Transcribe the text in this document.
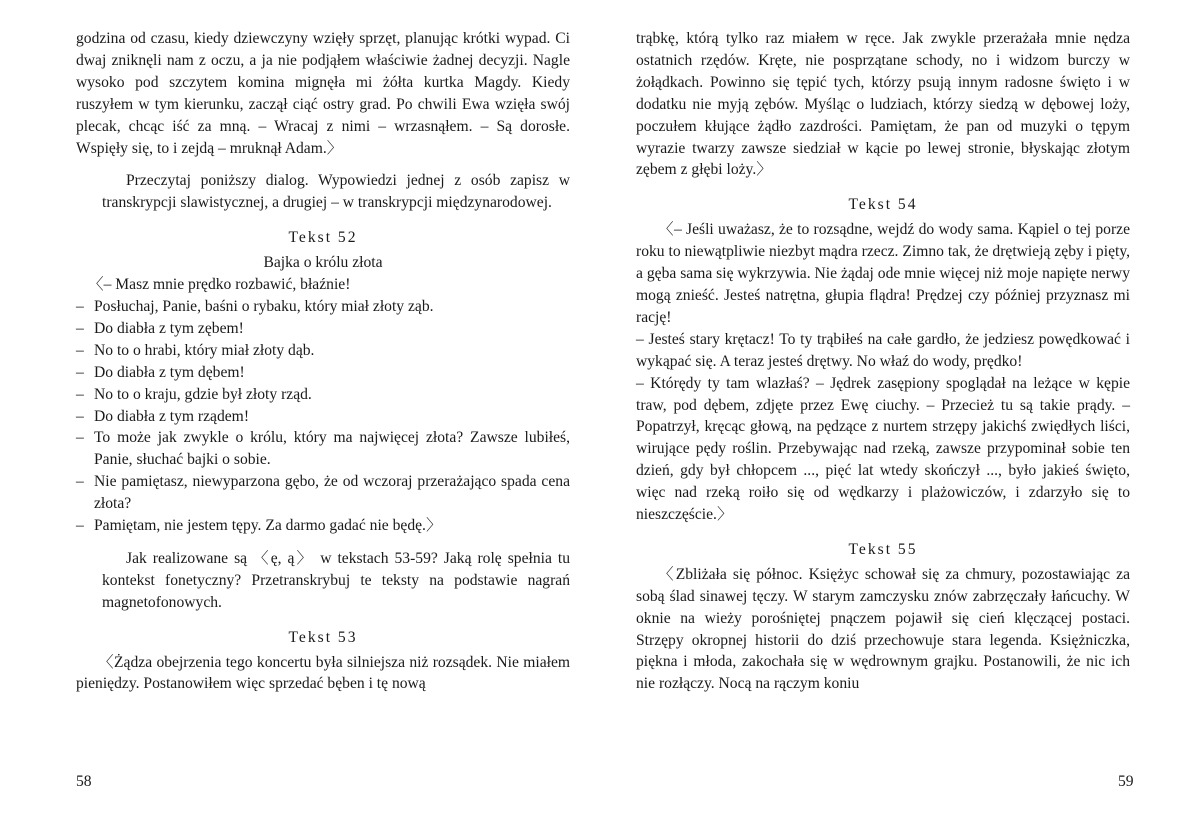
godzina od czasu, kiedy dziewczyny wzięły sprzęt, planując krótki wypad. Ci dwaj zniknęli nam z oczu, a ja nie podjąłem właściwie żadnej decyzji. Nagle wysoko pod szczytem komina mignęła mi żółta kurtka Magdy. Kiedy ruszyłem w tym kierunku, zaczął ciąć ostry grad. Po chwili Ewa wzięła swój plecak, chcąc iść za mną. – Wracaj z nimi – wrzasnąłem. – Są dorosłe. Wspięły się, to i zejdą – mruknął Adam.〉

Przeczytaj poniższy dialog. Wypowiedzi jednej z osób zapisz w transkrypcji slawistycznej, a drugiej – w transkrypcji międzynarodowej.

Tekst 52
Bajka o królu złota
〈– Masz mnie prędko rozbawić, błaźnie!
– Posłuchaj, Panie, baśni o rybaku, który miał złoty ząb.
– Do diabła z tym zębem!
– No to o hrabi, który miał złoty dąb.
– Do diabła z tym dębem!
– No to o kraju, gdzie był złoty rząd.
– Do diabła z tym rządem!
– To może jak zwykle o królu, który ma najwięcej złota? Zawsze lubiłeś, Panie, słuchać bajki o sobie.
– Nie pamiętasz, niewyparzona gębo, że od wczoraj przerażająco spada cena złota?
– Pamiętam, nie jestem tępy. Za darmo gadać nie będę.〉

Jak realizowane są 〈ę, ą〉 w tekstach 53-59? Jaką rolę spełnia tu kontekst fonetyczny? Przetranskrybuj te teksty na podstawie nagrań magnetofonowych.

Tekst 53

〈Żądza obejrzenia tego koncertu była silniejsza niż rozsądek. Nie miałem pieniędzy. Postanowiłem więc sprzedać bęben i tę nową

58

trąbkę, którą tylko raz miałem w ręce. Jak zwykle przerażała mnie nędza ostatnich rzędów. Kręte, nie posprzątane schody, no i widzom burczy w żołądkach. Powinno się tępić tych, którzy psują innym radosne święto i w dodatku nie myją zębów. Myśląc o ludziach, którzy siedzą w dębowej loży, poczułem kłujące żądło zazdrości. Pamiętam, że pan od muzyki o tępym wyrazie twarzy zawsze siedział w kącie po lewej stronie, błyskając złotym zębem z głębi loży.〉

Tekst 54

〈– Jeśli uważasz, że to rozsądne, wejdź do wody sama. Kąpiel o tej porze roku to niewątpliwie niezbyt mądra rzecz. Zimno tak, że drętwieją zęby i pięty, a gęba sama się wykrzywia. Nie żądaj ode mnie więcej niż moje napięte nerwy mogą znieść. Jesteś natrętna, głupia flądra! Prędzej czy później przyznasz mi rację!

– Jesteś stary krętacz! To ty trąbiłeś na całe gardło, że jedziesz powędkować i wykąpać się. A teraz jesteś drętwy. No właź do wody, prędko!

– Którędy ty tam wlazłaś? – Jędrek zasępiony spoglądał na leżące w kępie traw, pod dębem, zdjęte przez Ewę ciuchy. – Przecież tu są takie prądy. – Popatrzył, kręcąc głową, na pędzące z nurtem strzępy jakichś zwiędłych liści, wirujące pędy roślin. Przebywając nad rzeką, zawsze przypominał sobie ten dzień, gdy był chłopcem ..., pięć lat wtedy skończył ..., było jakieś święto, więc nad rzeką roiło się od wędkarzy i plażowiczów, i zdarzyło się to nieszczęście.〉

Tekst 55

〈Zbliżała się północ. Księżyc schował się za chmury, pozostawiając za sobą ślad sinawej tęczy. W starym zamczysku znów zabrzęczały łańcuchy. W oknie na wieży porośniętej pnączem pojawił się cień klęczącej postaci. Strzępy okropnej historii do dziś przechowuje stara legenda. Księżniczka, piękna i młoda, zakochała się w wędrownym grajku. Postanowili, że nic ich nie rozłączy. Nocą na rączym koniu

59
